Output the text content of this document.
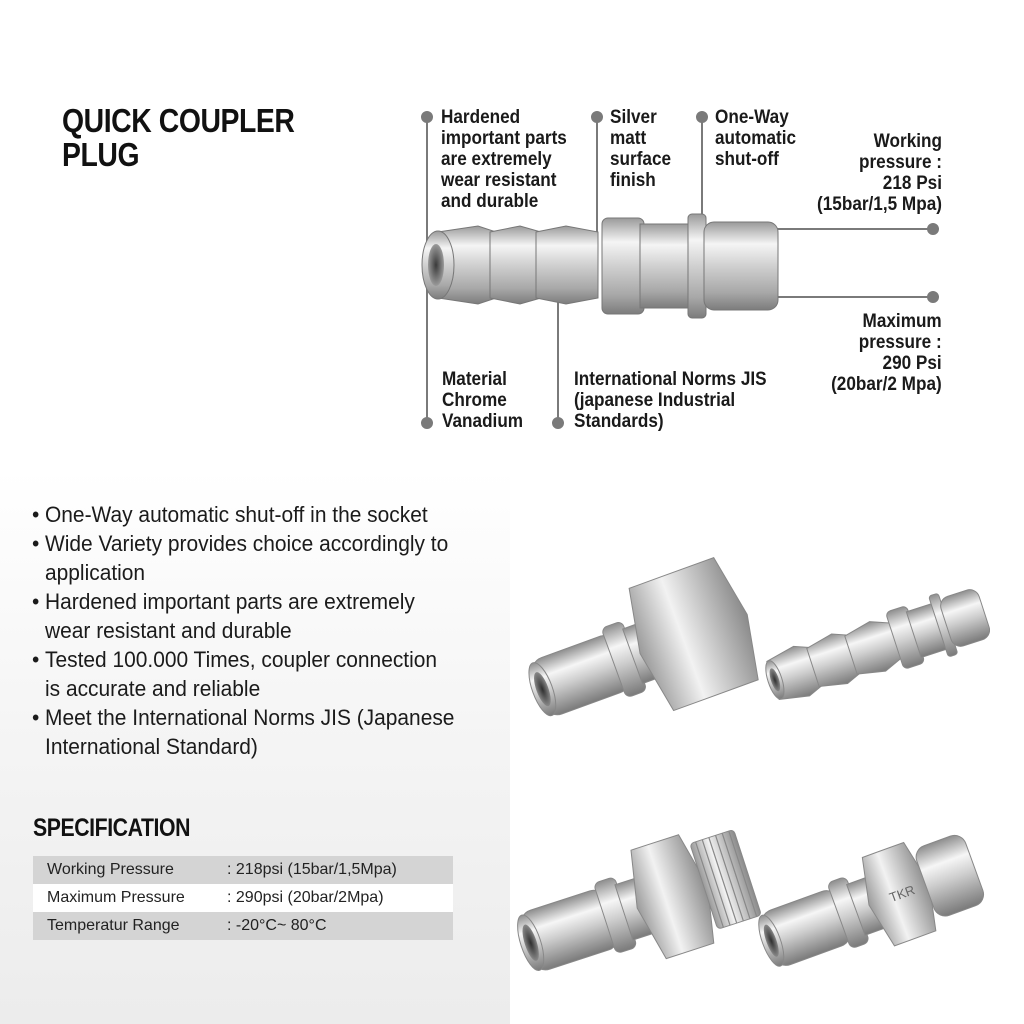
QUICK COUPLER
PLUG
Hardened
important parts
are extremely
wear resistant
and durable
Silver
matt
surface
finish
One-Way
automatic
shut-off
Working
pressure :
218 Psi
(15bar/1,5 Mpa)
Maximum
pressure :
290 Psi
(20bar/2 Mpa)
Material
Chrome
Vanadium
International Norms JIS
(japanese Industrial
Standards)
• One-Way automatic shut-off in the socket
• Wide Variety provides choice accordingly to
application
• Hardened important parts are extremely
wear resistant and durable
• Tested 100.000 Times, coupler connection
is accurate and reliable
• Meet the International Norms JIS (Japanese
International Standard)
SPECIFICATION
Working Pressure	: 218psi (15bar/1,5Mpa)
Maximum Pressure	: 290psi (20bar/2Mpa)
Temperatur Range	: -20°C~ 80°C
TKR
